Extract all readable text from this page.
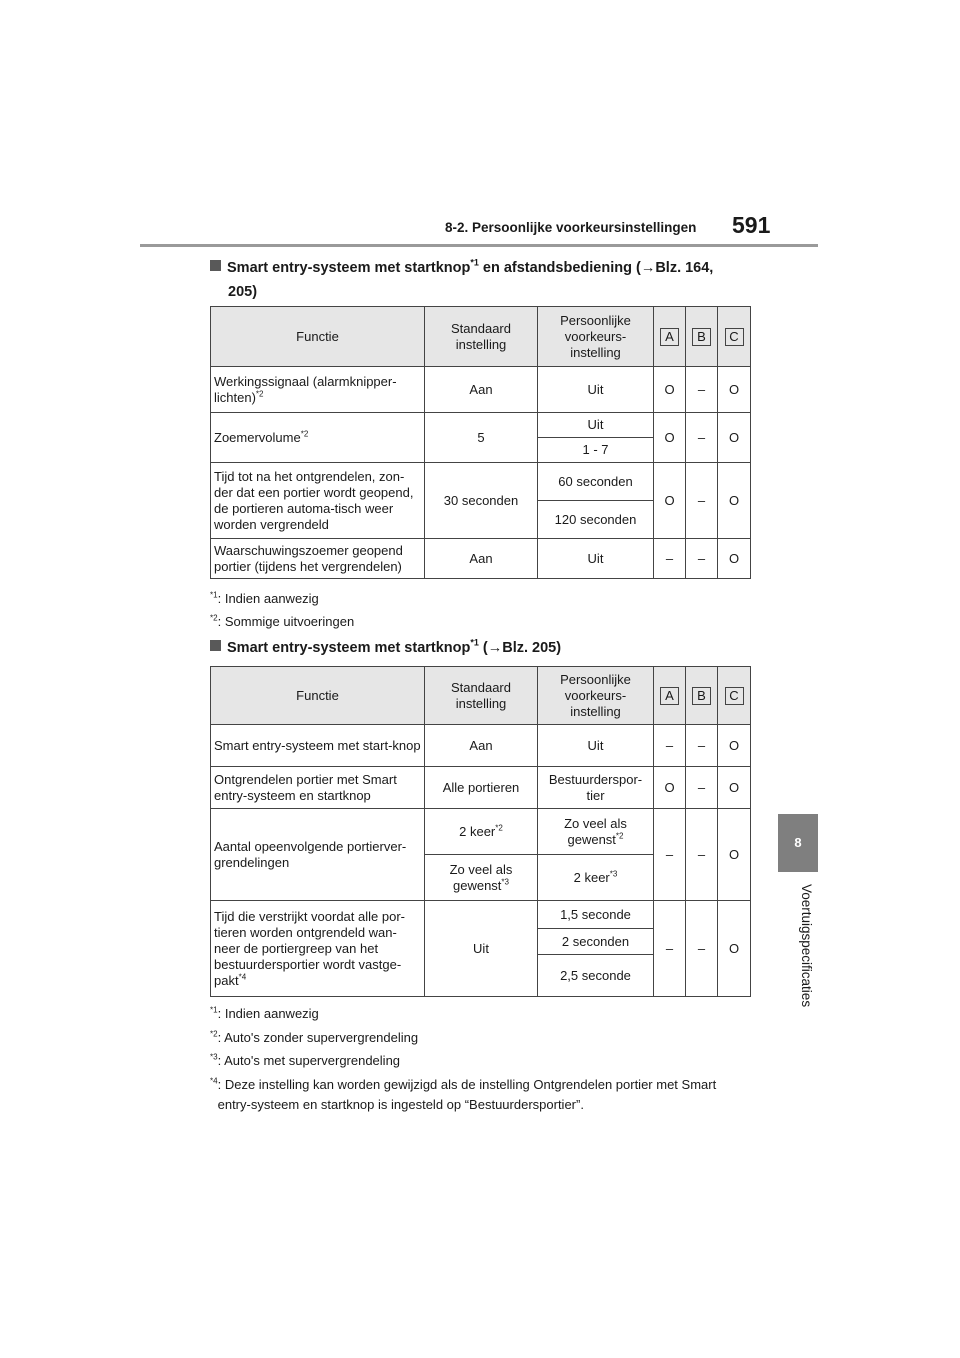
8-2. Persoonlijke voorkeursinstellingen 591
8
Voertuigspecificaties
Smart entry-systeem met startknop$^{*1}$ en afstandsbediening (→Blz. 164,
205)
Functie	Standaard instelling	Persoonlijke voorkeurs-instelling	A	B	C
Werkingssignaal (alarmknipper-lichten)$^{*2}$	Aan	Uit	O	–	O
Zoemervolume$^{*2}$	5	Uit	O	–	O
		1 - 7			
Tijd tot na het ontgrendelen, zon-der dat een portier wordt geopend, de portieren automa-tisch weer worden vergrendeld	30 seconden	60 seconden	O	–	O
		120 seconden			
Waarschuwingszoemer geopend portier (tijdens het vergrendelen)	Aan	Uit	–	–	O
$^{*1}$: Indien aanwezig
$^{*2}$: Sommige uitvoeringen
Smart entry-systeem met startknop$^{*1}$ (→Blz. 205)
Functie	Standaard instelling	Persoonlijke voorkeurs-instelling	A	B	C
Smart entry-systeem met start-knop	Aan	Uit	–	–	O
Ontgrendelen portier met Smart entry-systeem en startknop	Alle portieren	Bestuurderspor-tier	O	–	O
Aantal opeenvolgende portierver-grendelingen	2 keer$^{*2}$	Zo veel als gewenst$^{*2}$	–	–	O
	Zo veel als gewenst$^{*3}$	2 keer$^{*3}$
Tijd die verstrijkt voordat alle por-tieren worden ontgrendeld wan-neer de portiergreep van het bestuurdersportier wordt vastge-pakt$^{*4}$	Uit	1,5 seconde	–	–	O
		2 seconden			
		2,5 seconde			
$^{*1}$: Indien aanwezig
$^{*2}$: Auto's zonder supervergrendeling
$^{*3}$: Auto's met supervergrendeling
$^{*4}$: Deze instelling kan worden gewijzigd als de instelling Ontgrendelen portier met Smart entry-systeem en startknop is ingesteld op “Bestuurdersportier”.
